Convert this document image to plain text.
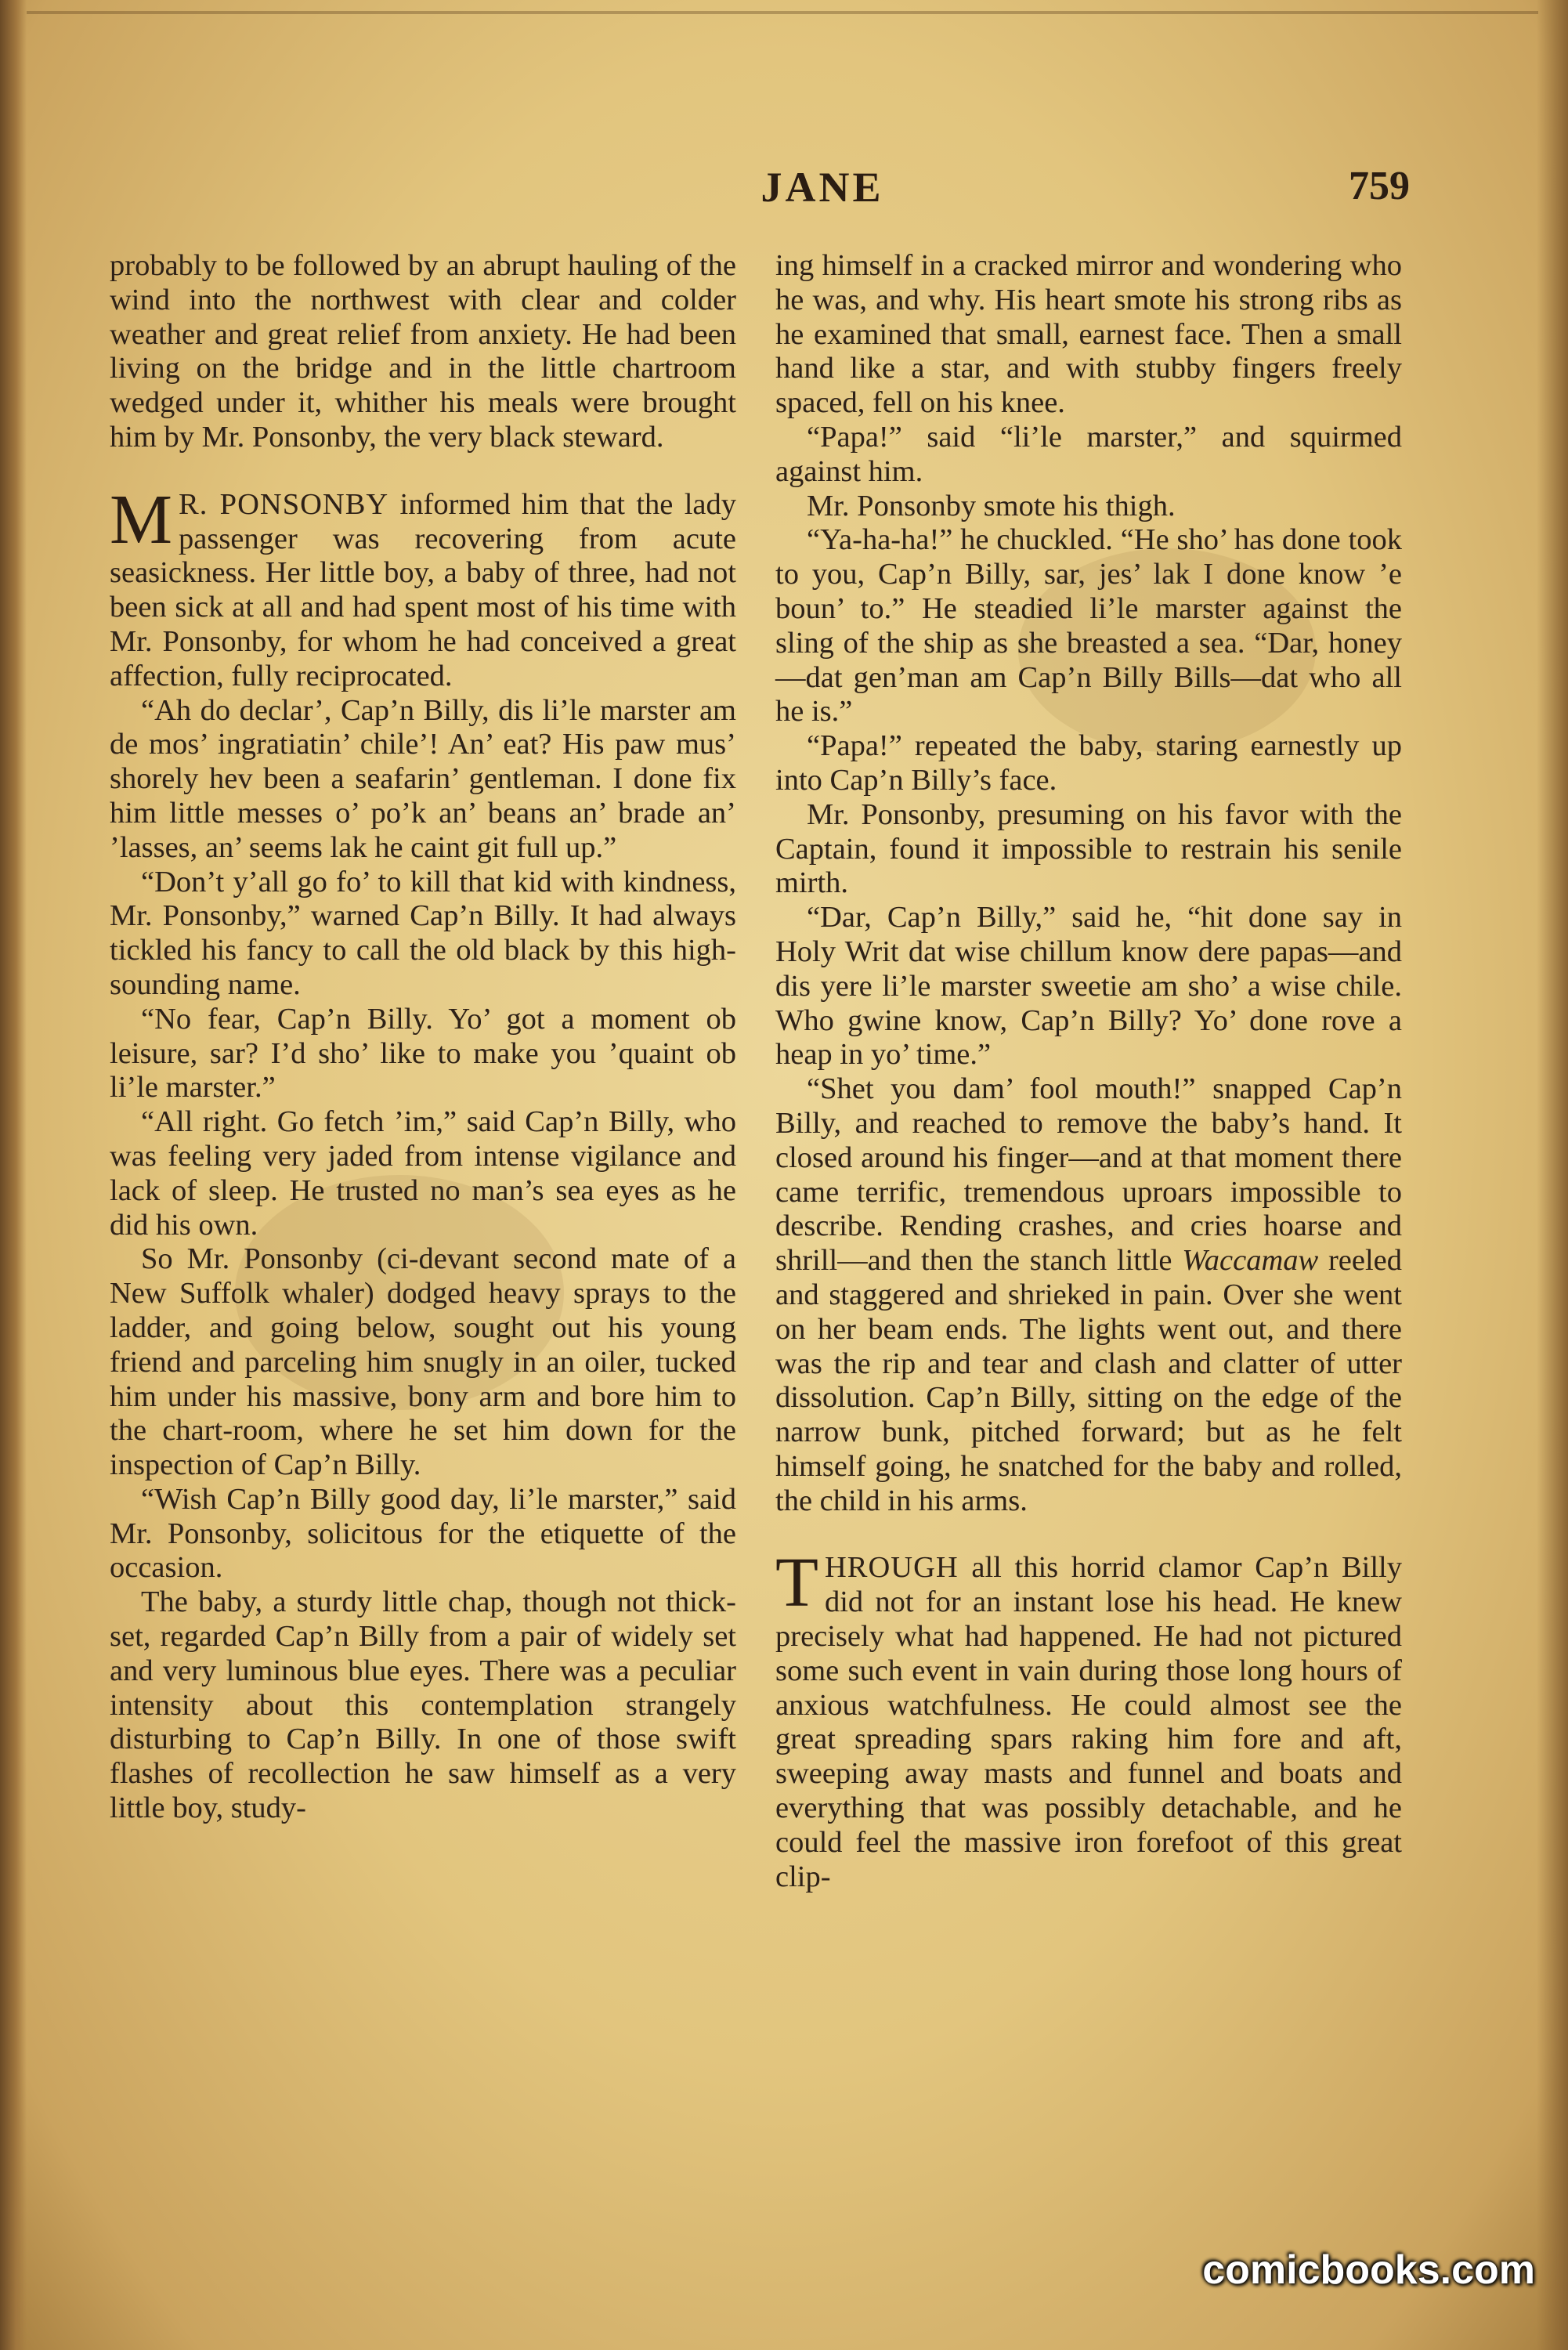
JANE	759

probably to be followed by an abrupt hauling of the wind into the northwest with clear and colder weather and great relief from anxiety. He had been living on the bridge and in the little chartroom wedged under it, whither his meals were brought him by Mr. Ponsonby, the very black steward.

M R. PONSONBY informed him that the lady passenger was recovering from acute seasickness. Her little boy, a baby of three, had not been sick at all and had spent most of his time with Mr. Ponsonby, for whom he had conceived a great affection, fully reciprocated.

“Ah do declar’, Cap’n Billy, dis li’le marster am de mos’ ingratiatin’ chile’! An’ eat? His paw mus’ shorely hev been a seafarin’ gentleman. I done fix him little messes o’ po’k an’ beans an’ brade an’ ’lasses, an’ seems lak he caint git full up.”

“Don’t y’all go fo’ to kill that kid with kindness, Mr. Ponsonby,” warned Cap’n Billy. It had always tickled his fancy to call the old black by this high-sounding name.

“No fear, Cap’n Billy. Yo’ got a moment ob leisure, sar? I’d sho’ like to make you ’quaint ob li’le marster.”

“All right. Go fetch ’im,” said Cap’n Billy, who was feeling very jaded from intense vigilance and lack of sleep. He trusted no man’s sea eyes as he did his own.

So Mr. Ponsonby (ci-devant second mate of a New Suffolk whaler) dodged heavy sprays to the ladder, and going below, sought out his young friend and parceling him snugly in an oiler, tucked him under his massive, bony arm and bore him to the chart-room, where he set him down for the inspection of Cap’n Billy.

“Wish Cap’n Billy good day, li’le marster,” said Mr. Ponsonby, solicitous for the etiquette of the occasion.

The baby, a sturdy little chap, though not thick-set, regarded Cap’n Billy from a pair of widely set and very luminous blue eyes. There was a peculiar intensity about this contemplation strangely disturbing to Cap’n Billy. In one of those swift flashes of recollection he saw himself as a very little boy, study-

ing himself in a cracked mirror and wondering who he was, and why. His heart smote his strong ribs as he examined that small, earnest face. Then a small hand like a star, and with stubby fingers freely spaced, fell on his knee.

“Papa!” said “li’le marster,” and squirmed against him.

Mr. Ponsonby smote his thigh.

“Ya-ha-ha!” he chuckled. “He sho’ has done took to you, Cap’n Billy, sar, jes’ lak I done know ’e boun’ to.” He steadied li’le marster against the sling of the ship as she breasted a sea. “Dar, honey—dat gen’man am Cap’n Billy Bills—dat who all he is.”

“Papa!” repeated the baby, staring earnestly up into Cap’n Billy’s face.

Mr. Ponsonby, presuming on his favor with the Captain, found it impossible to restrain his senile mirth.

“Dar, Cap’n Billy,” said he, “hit done say in Holy Writ dat wise chillum know dere papas—and dis yere li’le marster sweetie am sho’ a wise chile. Who gwine know, Cap’n Billy? Yo’ done rove a heap in yo’ time.”

“Shet you dam’ fool mouth!” snapped Cap’n Billy, and reached to remove the baby’s hand. It closed around his finger—and at that moment there came terrific, tremendous uproars impossible to describe. Rending crashes, and cries hoarse and shrill—and then the stanch little Waccamaw reeled and staggered and shrieked in pain. Over she went on her beam ends. The lights went out, and there was the rip and tear and clash and clatter of utter dissolution. Cap’n Billy, sitting on the edge of the narrow bunk, pitched forward; but as he felt himself going, he snatched for the baby and rolled, the child in his arms.

THROUGH all this horrid clamor Cap’n Billy did not for an instant lose his head. He knew precisely what had happened. He had not pictured some such event in vain during those long hours of anxious watchfulness. He could almost see the great spreading spars raking him fore and aft, sweeping away masts and funnel and boats and everything that was possibly detachable, and he could feel the massive iron forefoot of this great clip-

comicbooks.com
